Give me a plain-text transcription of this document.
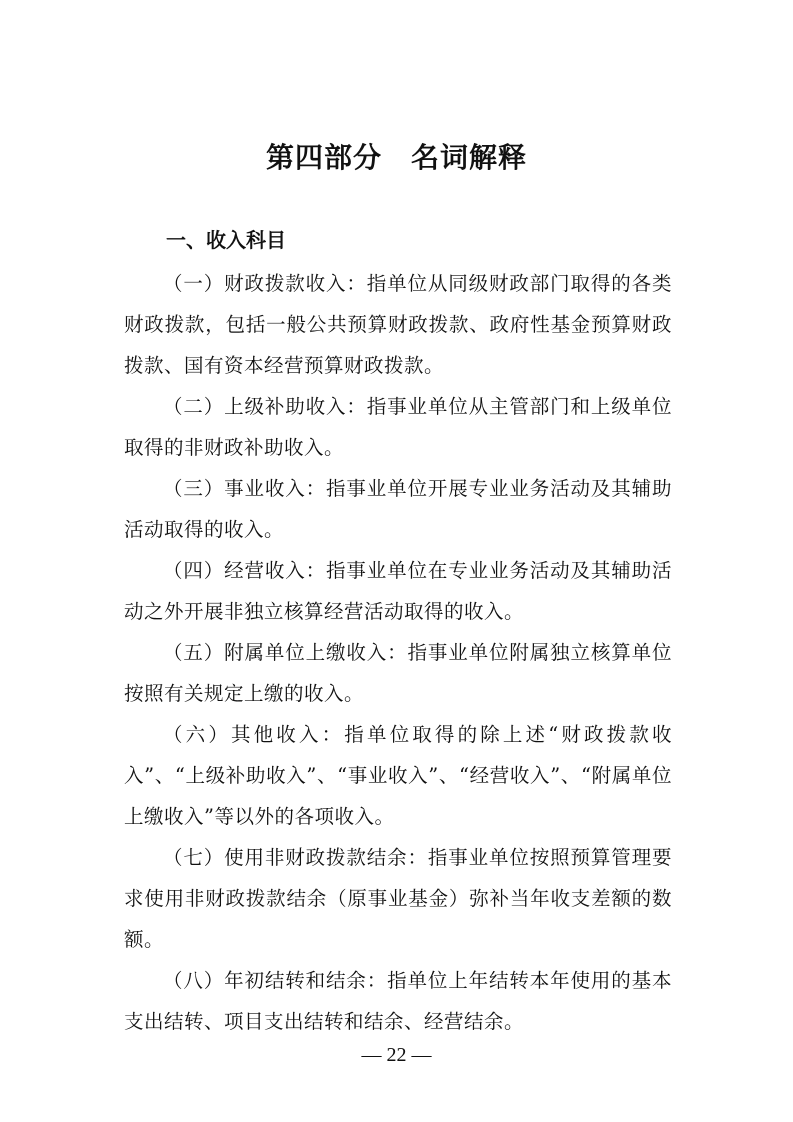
第四部分　名词解释
一、收入科目

（一）财政拨款收入：指单位从同级财政部门取得的各类财政拨款，包括一般公共预算财政拨款、政府性基金预算财政拨款、国有资本经营预算财政拨款。

（二）上级补助收入：指事业单位从主管部门和上级单位取得的非财政补助收入。

（三）事业收入：指事业单位开展专业业务活动及其辅助活动取得的收入。

（四）经营收入：指事业单位在专业业务活动及其辅助活动之外开展非独立核算经营活动取得的收入。

（五）附属单位上缴收入：指事业单位附属独立核算单位按照有关规定上缴的收入。

（六）其他收入：指单位取得的除上述“财政拨款收入”、“上级补助收入”、“事业收入”、“经营收入”、“附属单位上缴收入”等以外的各项收入。

（七）使用非财政拨款结余：指事业单位按照预算管理要求使用非财政拨款结余（原事业基金）弥补当年收支差额的数额。

（八）年初结转和结余：指单位上年结转本年使用的基本支出结转、项目支出结转和结余、经营结余。

— 22 —
